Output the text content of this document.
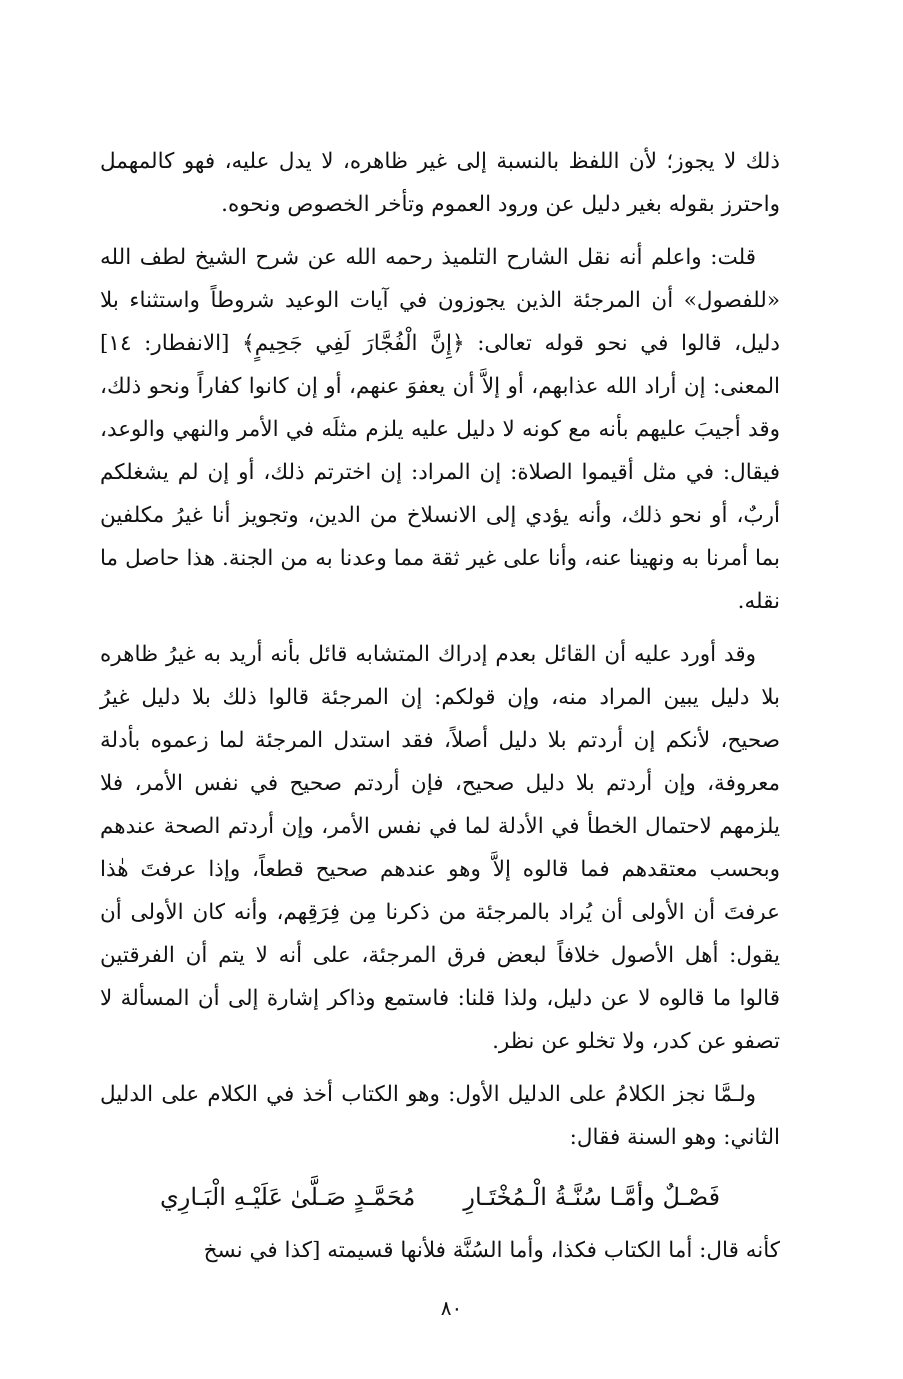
ذلك لا يجوز؛ لأن اللفظ بالنسبة إلى غير ظاهره، لا يدل عليه، فهو كالمهمل واحترز بقوله بغير دليل عن ورود العموم وتأخر الخصوص ونحوه.

قلت: واعلم أنه نقل الشارح التلميذ رحمه الله عن شرح الشيخ لطف الله «للفصول» أن المرجئة الذين يجوزون في آيات الوعيد شروطاً واستثناء بلا دليل، قالوا في نحو قوله تعالى: ﴿إِنَّ الْفُجَّارَ لَفِي جَحِيمٍ﴾ [الانفطار: ١٤] المعنى: إن أراد الله عذابهم، أو إلاَّ أن يعفوَ عنهم، أو إن كانوا كفاراً ونحو ذلك، وقد أجيبَ عليهم بأنه مع كونه لا دليل عليه يلزم مثلَه في الأمر والنهي والوعد، فيقال: في مثل أقيموا الصلاة: إن المراد: إن اخترتم ذلك، أو إن لم يشغلكم أربٌ، أو نحو ذلك، وأنه يؤدي إلى الانسلاخ من الدين، وتجويز أنا غيرُ مكلفين بما أمرنا به ونهينا عنه، وأنا على غير ثقة مما وعدنا به من الجنة. هذا حاصل ما نقله.

وقد أورد عليه أن القائل بعدم إدراك المتشابه قائل بأنه أريد به غيرُ ظاهره بلا دليل يبين المراد منه، وإن قولكم: إن المرجئة قالوا ذلك بلا دليل غيرُ صحيح، لأنكم إن أردتم بلا دليل أصلاً، فقد استدل المرجئة لما زعموه بأدلة معروفة، وإن أردتم بلا دليل صحيح، فإن أردتم صحيح في نفس الأمر، فلا يلزمهم لاحتمال الخطأ في الأدلة لما في نفس الأمر، وإن أردتم الصحة عندهم وبحسب معتقدهم فما قالوه إلاَّ وهو عندهم صحيح قطعاً، وإذا عرفتَ هٰذا عرفتَ أن الأولى أن يُراد بالمرجئة من ذكرنا مِن فِرَقِهم، وأنه كان الأولى أن يقول: أهل الأصول خلافاً لبعض فرق المرجئة، على أنه لا يتم أن الفرقتين قالوا ما قالوه لا عن دليل، ولذا قلنا: فاستمع وذاكر إشارة إلى أن المسألة لا تصفو عن كدر، ولا تخلو عن نظر.

ولـمَّا نجز الكلامُ على الدليل الأول: وهو الكتاب أخذ في الكلام على الدليل الثاني: وهو السنة فقال:

فَصْـلٌ وأمَّـا سُنَّـةُ الْـمُخْتَـارِ
مُحَمَّـدٍ صَـلَّىٰ عَلَيْـهِ الْبَـارِي

كأنه قال: أما الكتاب فكذا، وأما السُنَّة فلأنها قسيمته [كذا في نسخ

٨٠
